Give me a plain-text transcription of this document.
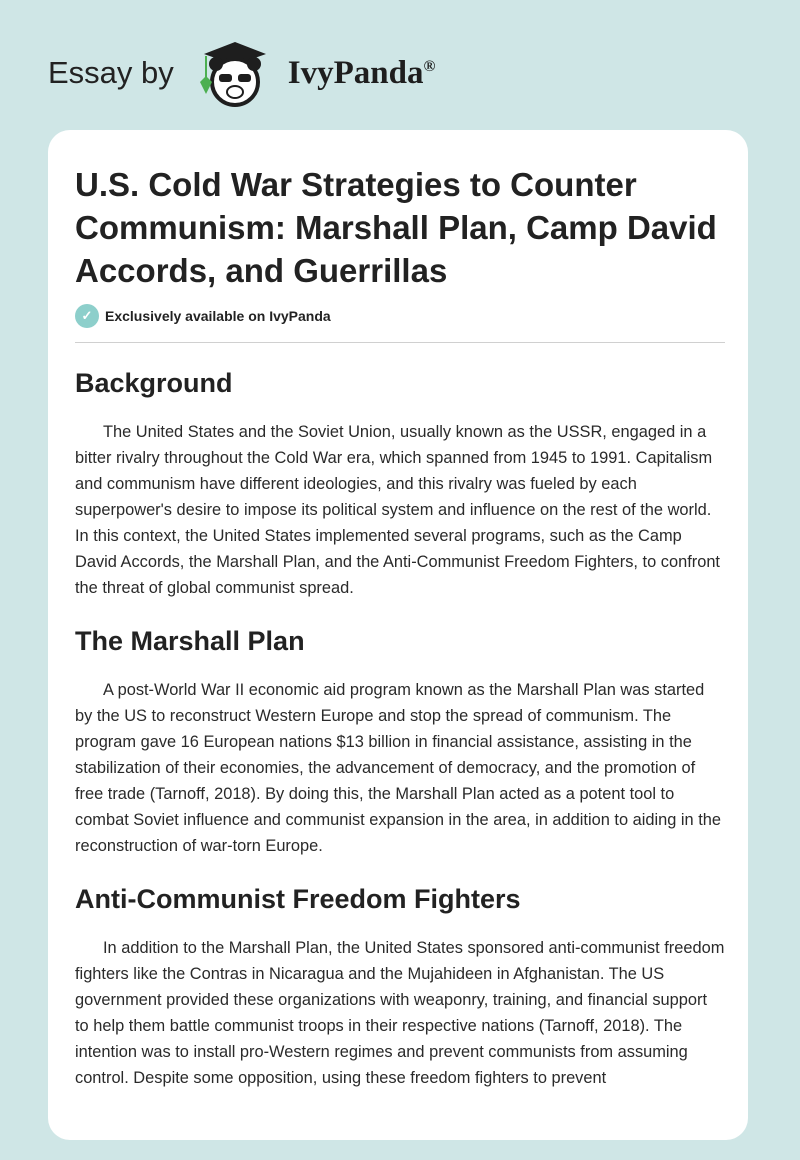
Essay by	IvyPanda®
U.S. Cold War Strategies to Counter Communism: Marshall Plan, Camp David Accords, and Guerrillas
✓ Exclusively available on IvyPanda
Background

The United States and the Soviet Union, usually known as the USSR, engaged in a bitter rivalry throughout the Cold War era, which spanned from 1945 to 1991. Capitalism and communism have different ideologies, and this rivalry was fueled by each superpower's desire to impose its political system and influence on the rest of the world. In this context, the United States implemented several programs, such as the Camp David Accords, the Marshall Plan, and the Anti-Communist Freedom Fighters, to confront the threat of global communist spread.

The Marshall Plan

A post-World War II economic aid program known as the Marshall Plan was started by the US to reconstruct Western Europe and stop the spread of communism. The program gave 16 European nations $13 billion in financial assistance, assisting in the stabilization of their economies, the advancement of democracy, and the promotion of free trade (Tarnoff, 2018). By doing this, the Marshall Plan acted as a potent tool to combat Soviet influence and communist expansion in the area, in addition to aiding in the reconstruction of war-torn Europe.

Anti-Communist Freedom Fighters

In addition to the Marshall Plan, the United States sponsored anti-communist freedom fighters like the Contras in Nicaragua and the Mujahideen in Afghanistan. The US government provided these organizations with weaponry, training, and financial support to help them battle communist troops in their respective nations (Tarnoff, 2018). The intention was to install pro-Western regimes and prevent communists from assuming control. Despite some opposition, using these freedom fighters to prevent
